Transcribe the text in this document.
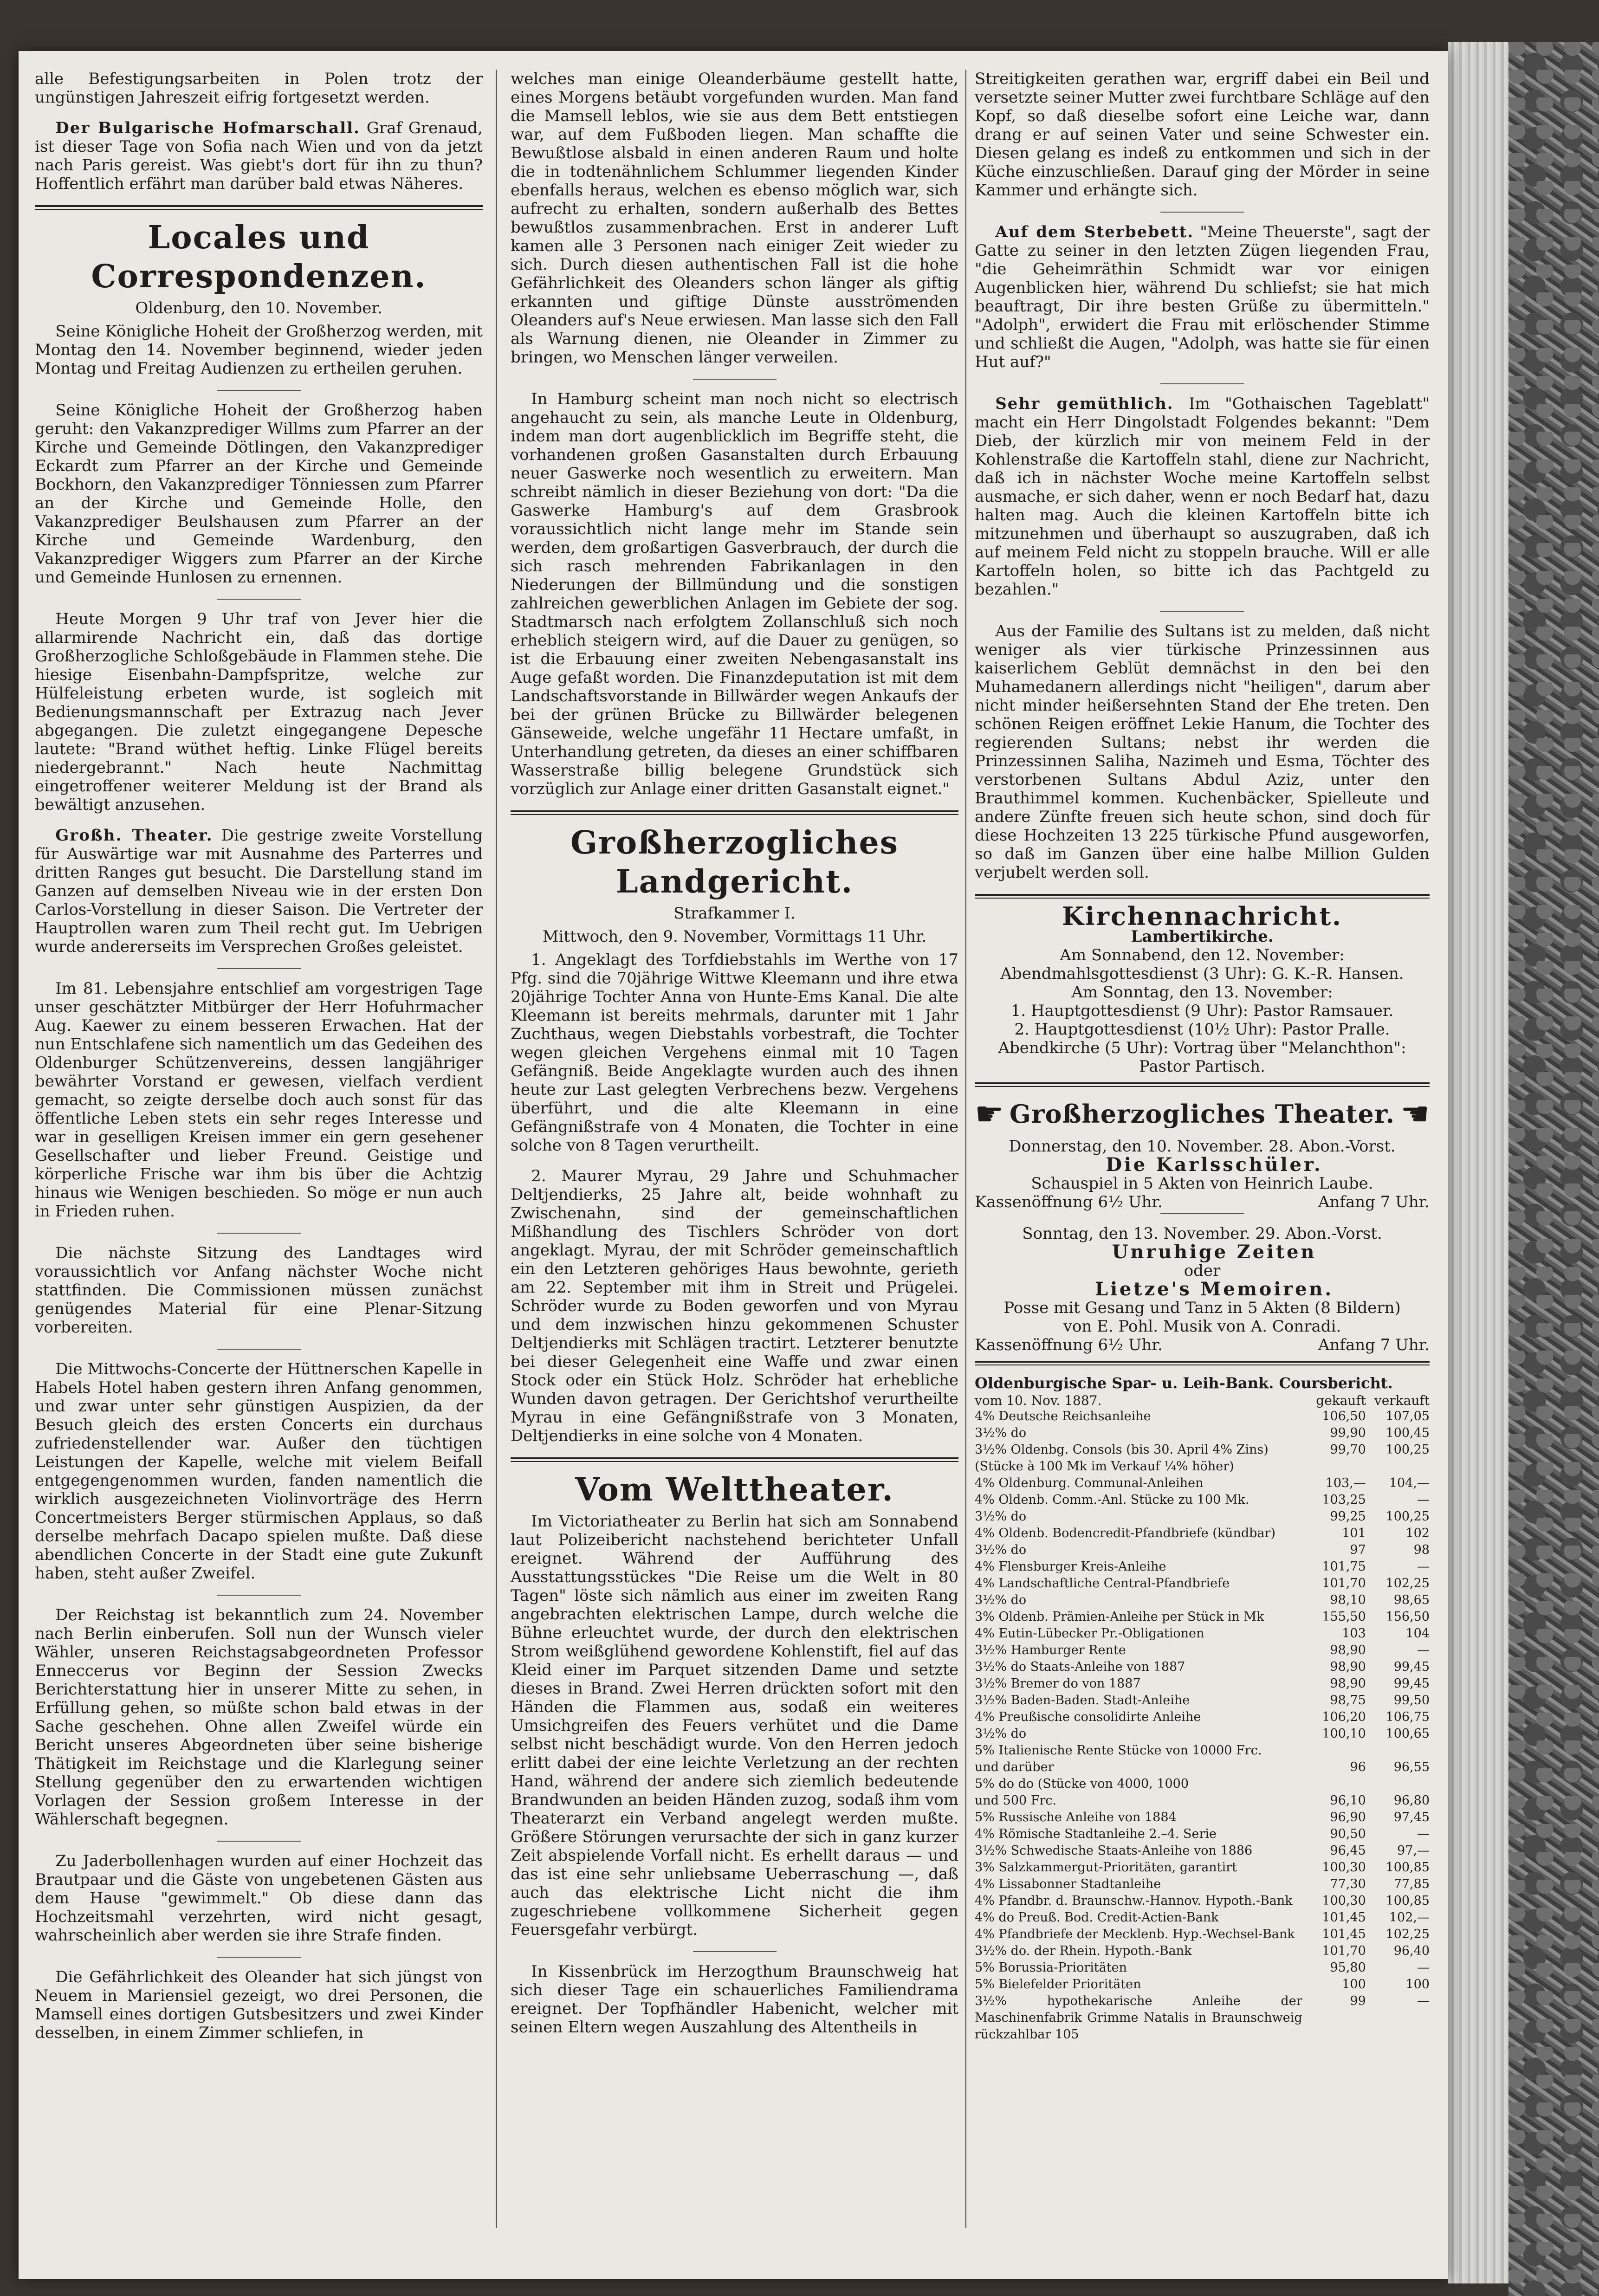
alle Befestigungsarbeiten in Polen trotz der ungünstigen Jahreszeit eifrig fortgesetzt werden.

Der Bulgarische Hofmarschall. Graf Grenaud, ist dieser Tage von Sofia nach Wien und von da jetzt nach Paris gereist. Was giebt's dort für ihn zu thun? Hoffentlich erfährt man darüber bald etwas Näheres.

Locales und Correspondenzen.
Oldenburg, den 10. November.

Seine Königliche Hoheit der Großherzog werden, mit Montag den 14. November beginnend, wieder jeden Montag und Freitag Audienzen zu ertheilen geruhen.

Seine Königliche Hoheit der Großherzog haben geruht: den Vakanzprediger Willms zum Pfarrer an der Kirche und Gemeinde Dötlingen, den Vakanzprediger Eckardt zum Pfarrer an der Kirche und Gemeinde Bockhorn, den Vakanzprediger Tönniessen zum Pfarrer an der Kirche und Gemeinde Holle, den Vakanzprediger Beulshausen zum Pfarrer an der Kirche und Gemeinde Wardenburg, den Vakanzprediger Wiggers zum Pfarrer an der Kirche und Gemeinde Hunlosen zu ernennen.

Heute Morgen 9 Uhr traf von Jever hier die allarmirende Nachricht ein, daß das dortige Großherzogliche Schloßgebäude in Flammen stehe. Die hiesige Eisenbahn-Dampfspritze, welche zur Hülfeleistung erbeten wurde, ist sogleich mit Bedienungsmannschaft per Extrazug nach Jever abgegangen. Die zuletzt eingegangene Depesche lautete: "Brand wüthet heftig. Linke Flügel bereits niedergebrannt." Nach heute Nachmittag eingetroffener weiterer Meldung ist der Brand als bewältigt anzusehen.

Großh. Theater. Die gestrige zweite Vorstellung für Auswärtige war mit Ausnahme des Parterres und dritten Ranges gut besucht. Die Darstellung stand im Ganzen auf demselben Niveau wie in der ersten Don Carlos-Vorstellung in dieser Saison. Die Vertreter der Hauptrollen waren zum Theil recht gut. Im Uebrigen wurde andererseits im Versprechen Großes geleistet.

Im 81. Lebensjahre entschlief am vorgestrigen Tage unser geschätzter Mitbürger der Herr Hofuhrmacher Aug. Kaewer zu einem besseren Erwachen. Hat der nun Entschlafene sich namentlich um das Gedeihen des Oldenburger Schützenvereins, dessen langjähriger bewährter Vorstand er gewesen, vielfach verdient gemacht, so zeigte derselbe doch auch sonst für das öffentliche Leben stets ein sehr reges Interesse und war in geselligen Kreisen immer ein gern gesehener Gesellschafter und lieber Freund. Geistige und körperliche Frische war ihm bis über die Achtzig hinaus wie Wenigen beschieden. So möge er nun auch in Frieden ruhen.

Die nächste Sitzung des Landtages wird voraussichtlich vor Anfang nächster Woche nicht stattfinden. Die Commissionen müssen zunächst genügendes Material für eine Plenar-Sitzung vorbereiten.

Die Mittwochs-Concerte der Hüttnerschen Kapelle in Habels Hotel haben gestern ihren Anfang genommen, und zwar unter sehr günstigen Auspizien, da der Besuch gleich des ersten Concerts ein durchaus zufriedenstellender war. Außer den tüchtigen Leistungen der Kapelle, welche mit vielem Beifall entgegengenommen wurden, fanden namentlich die wirklich ausgezeichneten Violinvorträge des Herrn Concertmeisters Berger stürmischen Applaus, so daß derselbe mehrfach Dacapo spielen mußte. Daß diese abendlichen Concerte in der Stadt eine gute Zukunft haben, steht außer Zweifel.

Der Reichstag ist bekanntlich zum 24. November nach Berlin einberufen. Soll nun der Wunsch vieler Wähler, unseren Reichstagsabgeordneten Professor Enneccerus vor Beginn der Session Zwecks Berichterstattung hier in unserer Mitte zu sehen, in Erfüllung gehen, so müßte schon bald etwas in der Sache geschehen. Ohne allen Zweifel würde ein Bericht unseres Abgeordneten über seine bisherige Thätigkeit im Reichstage und die Klarlegung seiner Stellung gegenüber den zu erwartenden wichtigen Vorlagen der Session großem Interesse in der Wählerschaft begegnen.

Zu Jaderbollenhagen wurden auf einer Hochzeit das Brautpaar und die Gäste von ungebetenen Gästen aus dem Hause "gewimmelt." Ob diese dann das Hochzeitsmahl verzehrten, wird nicht gesagt, wahrscheinlich aber werden sie ihre Strafe finden.

Die Gefährlichkeit des Oleander hat sich jüngst von Neuem in Mariensiel gezeigt, wo drei Personen, die Mamsell eines dortigen Gutsbesitzers und zwei Kinder desselben, in einem Zimmer schliefen, in

welches man einige Oleanderbäume gestellt hatte, eines Morgens betäubt vorgefunden wurden. Man fand die Mamsell leblos, wie sie aus dem Bett entstiegen war, auf dem Fußboden liegen. Man schaffte die Bewußtlose alsbald in einen anderen Raum und holte die in todtenähnlichem Schlummer liegenden Kinder ebenfalls heraus, welchen es ebenso möglich war, sich aufrecht zu erhalten, sondern außerhalb des Bettes bewußtlos zusammenbrachen. Erst in anderer Luft kamen alle 3 Personen nach einiger Zeit wieder zu sich. Durch diesen authentischen Fall ist die hohe Gefährlichkeit des Oleanders schon länger als giftig erkannten und giftige Dünste ausströmenden Oleanders auf's Neue erwiesen. Man lasse sich den Fall als Warnung dienen, nie Oleander in Zimmer zu bringen, wo Menschen länger verweilen.

In Hamburg scheint man noch nicht so electrisch angehaucht zu sein, als manche Leute in Oldenburg, indem man dort augenblicklich im Begriffe steht, die vorhandenen großen Gasanstalten durch Erbauung neuer Gaswerke noch wesentlich zu erweitern. Man schreibt nämlich in dieser Beziehung von dort: "Da die Gaswerke Hamburg's auf dem Grasbrook voraussichtlich nicht lange mehr im Stande sein werden, dem großartigen Gasverbrauch, der durch die sich rasch mehrenden Fabrikanlagen in den Niederungen der Billmündung und die sonstigen zahlreichen gewerblichen Anlagen im Gebiete der sog. Stadtmarsch nach erfolgtem Zollanschluß sich noch erheblich steigern wird, auf die Dauer zu genügen, so ist die Erbauung einer zweiten Nebengasanstalt ins Auge gefaßt worden. Die Finanzdeputation ist mit dem Landschaftsvorstande in Billwärder wegen Ankaufs der bei der grünen Brücke zu Billwärder belegenen Gänseweide, welche ungefähr 11 Hectare umfaßt, in Unterhandlung getreten, da dieses an einer schiffbaren Wasserstraße billig belegene Grundstück sich vorzüglich zur Anlage einer dritten Gasanstalt eignet."

Großherzogliches Landgericht.
Strafkammer I.
Mittwoch, den 9. November, Vormittags 11 Uhr.

1. Angeklagt des Torfdiebstahls im Werthe von 17 Pfg. sind die 70jährige Wittwe Kleemann und ihre etwa 20jährige Tochter Anna von Hunte-Ems Kanal. Die alte Kleemann ist bereits mehrmals, darunter mit 1 Jahr Zuchthaus, wegen Diebstahls vorbestraft, die Tochter wegen gleichen Vergehens einmal mit 10 Tagen Gefängniß. Beide Angeklagte wurden auch des ihnen heute zur Last gelegten Verbrechens bezw. Vergehens überführt, und die alte Kleemann in eine Gefängnißstrafe von 4 Monaten, die Tochter in eine solche von 8 Tagen verurtheilt.

2. Maurer Myrau, 29 Jahre und Schuhmacher Deltjendierks, 25 Jahre alt, beide wohnhaft zu Zwischenahn, sind der gemeinschaftlichen Mißhandlung des Tischlers Schröder von dort angeklagt. Myrau, der mit Schröder gemeinschaftlich ein den Letzteren gehöriges Haus bewohnte, gerieth am 22. September mit ihm in Streit und Prügelei. Schröder wurde zu Boden geworfen und von Myrau und dem inzwischen hinzu gekommenen Schuster Deltjendierks mit Schlägen tractirt. Letzterer benutzte bei dieser Gelegenheit eine Waffe und zwar einen Stock oder ein Stück Holz. Schröder hat erhebliche Wunden davon getragen. Der Gerichtshof verurtheilte Myrau in eine Gefängnißstrafe von 3 Monaten, Deltjendierks in eine solche von 4 Monaten.

Vom Welttheater.

Im Victoriatheater zu Berlin hat sich am Sonnabend laut Polizeibericht nachstehend berichteter Unfall ereignet. Während der Aufführung des Ausstattungsstückes "Die Reise um die Welt in 80 Tagen" löste sich nämlich aus einer im zweiten Rang angebrachten elektrischen Lampe, durch welche die Bühne erleuchtet wurde, der durch den elektrischen Strom weißglühend gewordene Kohlenstift, fiel auf das Kleid einer im Parquet sitzenden Dame und setzte dieses in Brand. Zwei Herren drückten sofort mit den Händen die Flammen aus, sodaß ein weiteres Umsichgreifen des Feuers verhütet und die Dame selbst nicht beschädigt wurde. Von den Herren jedoch erlitt dabei der eine leichte Verletzung an der rechten Hand, während der andere sich ziemlich bedeutende Brandwunden an beiden Händen zuzog, sodaß ihm vom Theaterarzt ein Verband angelegt werden mußte. Größere Störungen verursachte der sich in ganz kurzer Zeit abspielende Vorfall nicht. Es erhellt daraus — und das ist eine sehr unliebsame Ueberraschung —, daß auch das elektrische Licht nicht die ihm zugeschriebene vollkommene Sicherheit gegen Feuersgefahr verbürgt.

In Kissenbrück im Herzogthum Braunschweig hat sich dieser Tage ein schauerliches Familiendrama ereignet. Der Topfhändler Habenicht, welcher mit seinen Eltern wegen Auszahlung des Altentheils in

Streitigkeiten gerathen war, ergriff dabei ein Beil und versetzte seiner Mutter zwei furchtbare Schläge auf den Kopf, so daß dieselbe sofort eine Leiche war, dann drang er auf seinen Vater und seine Schwester ein. Diesen gelang es indeß zu entkommen und sich in der Küche einzuschließen. Darauf ging der Mörder in seine Kammer und erhängte sich.

Auf dem Sterbebett. "Meine Theuerste", sagt der Gatte zu seiner in den letzten Zügen liegenden Frau, "die Geheimräthin Schmidt war vor einigen Augenblicken hier, während Du schliefst; sie hat mich beauftragt, Dir ihre besten Grüße zu übermitteln." "Adolph", erwidert die Frau mit erlöschender Stimme und schließt die Augen, "Adolph, was hatte sie für einen Hut auf?"

Sehr gemüthlich. Im "Gothaischen Tageblatt" macht ein Herr Dingolstadt Folgendes bekannt: "Dem Dieb, der kürzlich mir von meinem Feld in der Kohlenstraße die Kartoffeln stahl, diene zur Nachricht, daß ich in nächster Woche meine Kartoffeln selbst ausmache, er sich daher, wenn er noch Bedarf hat, dazu halten mag. Auch die kleinen Kartoffeln bitte ich mitzunehmen und überhaupt so auszugraben, daß ich auf meinem Feld nicht zu stoppeln brauche. Will er alle Kartoffeln holen, so bitte ich das Pachtgeld zu bezahlen."

Aus der Familie des Sultans ist zu melden, daß nicht weniger als vier türkische Prinzessinnen aus kaiserlichem Geblüt demnächst in den bei den Muhamedanern allerdings nicht "heiligen", darum aber nicht minder heißersehnten Stand der Ehe treten. Den schönen Reigen eröffnet Lekie Hanum, die Tochter des regierenden Sultans; nebst ihr werden die Prinzessinnen Saliha, Nazimeh und Esma, Töchter des verstorbenen Sultans Abdul Aziz, unter den Brauthimmel kommen. Kuchenbäcker, Spielleute und andere Zünfte freuen sich heute schon, sind doch für diese Hochzeiten 13 225 türkische Pfund ausgeworfen, so daß im Ganzen über eine halbe Million Gulden verjubelt werden soll.

Kirchennachricht.

Lambertikirche.

Am Sonnabend, den 12. November:

Abendmahlsgottesdienst (3 Uhr): G. K.-R. Hansen.

Am Sonntag, den 13. November:

1. Hauptgottesdienst (9 Uhr): Pastor Ramsauer.

2. Hauptgottesdienst (10½ Uhr): Pastor Pralle.

Abendkirche (5 Uhr): Vortrag über "Melanchthon":

Pastor Partisch.

☛ Großherzogliches Theater. ☚

Donnerstag, den 10. November. 28. Abon.-Vorst.

Die Karlsschüler.

Schauspiel in 5 Akten von Heinrich Laube.

Kassenöffnung 6½ Uhr.	Anfang 7 Uhr.

Sonntag, den 13. November. 29. Abon.-Vorst.

Unruhige Zeiten

oder

Lietze's Memoiren.

Posse mit Gesang und Tanz in 5 Akten (8 Bildern)

von E. Pohl. Musik von A. Conradi.

Kassenöffnung 6½ Uhr.	Anfang 7 Uhr.
Oldenburgische Spar- u. Leih-Bank. Coursbericht.
vom 10. Nov. 1887.	gekauft verkauft
4% Deutsche Reichsanleihe	106,50	107,05
3½% do	99,90	100,45
3½% Oldenbg. Consols (bis 30. April 4% Zins)	99,70	100,25
(Stücke à 100 Mk im Verkauf ¼% höher)		
4% Oldenburg. Communal-Anleihen	103,—	104,—
4% Oldenb. Comm.-Anl. Stücke zu 100 Mk.	103,25	—
3½% do	99,25	100,25
4% Oldenb. Bodencredit-Pfandbriefe (kündbar)	101	102
3½% do	97	98
4% Flensburger Kreis-Anleihe	101,75	—
4% Landschaftliche Central-Pfandbriefe	101,70	102,25
3½% do	98,10	98,65
3% Oldenb. Prämien-Anleihe per Stück in Mk	155,50	156,50
4% Eutin-Lübecker Pr.-Obligationen	103	104
3½% Hamburger Rente	98,90	—
3½% do Staats-Anleihe von 1887	98,90	99,45
3½% Bremer do von 1887	98,90	99,45
3½% Baden-Baden. Stadt-Anleihe	98,75	99,50
4% Preußische consolidirte Anleihe	106,20	106,75
3½% do	100,10	100,65
5% Italienische Rente Stücke von 10000 Frc.		
und darüber	96	96,55
5% do do (Stücke von 4000, 1000		
und 500 Frc.	96,10	96,80
5% Russische Anleihe von 1884	96,90	97,45
4% Römische Stadtanleihe 2.–4. Serie	90,50	—
3½% Schwedische Staats-Anleihe von 1886	96,45	97,—
3% Salzkammergut-Prioritäten, garantirt	100,30	100,85
4% Lissabonner Stadtanleihe	77,30	77,85
4% Pfandbr. d. Braunschw.-Hannov. Hypoth.-Bank	100,30	100,85
4% do Preuß. Bod. Credit-Actien-Bank	101,45	102,—
4% Pfandbriefe der Mecklenb. Hyp.-Wechsel-Bank	101,45	102,25
3½% do. der Rhein. Hypoth.-Bank	101,70	96,40
5% Borussia-Prioritäten	95,80	—
5% Bielefelder Prioritäten	100	100
3½% hypothekarische Anleihe der Maschinenfabrik Grimme Natalis in Braunschweig rückzahlbar 105	99	—
